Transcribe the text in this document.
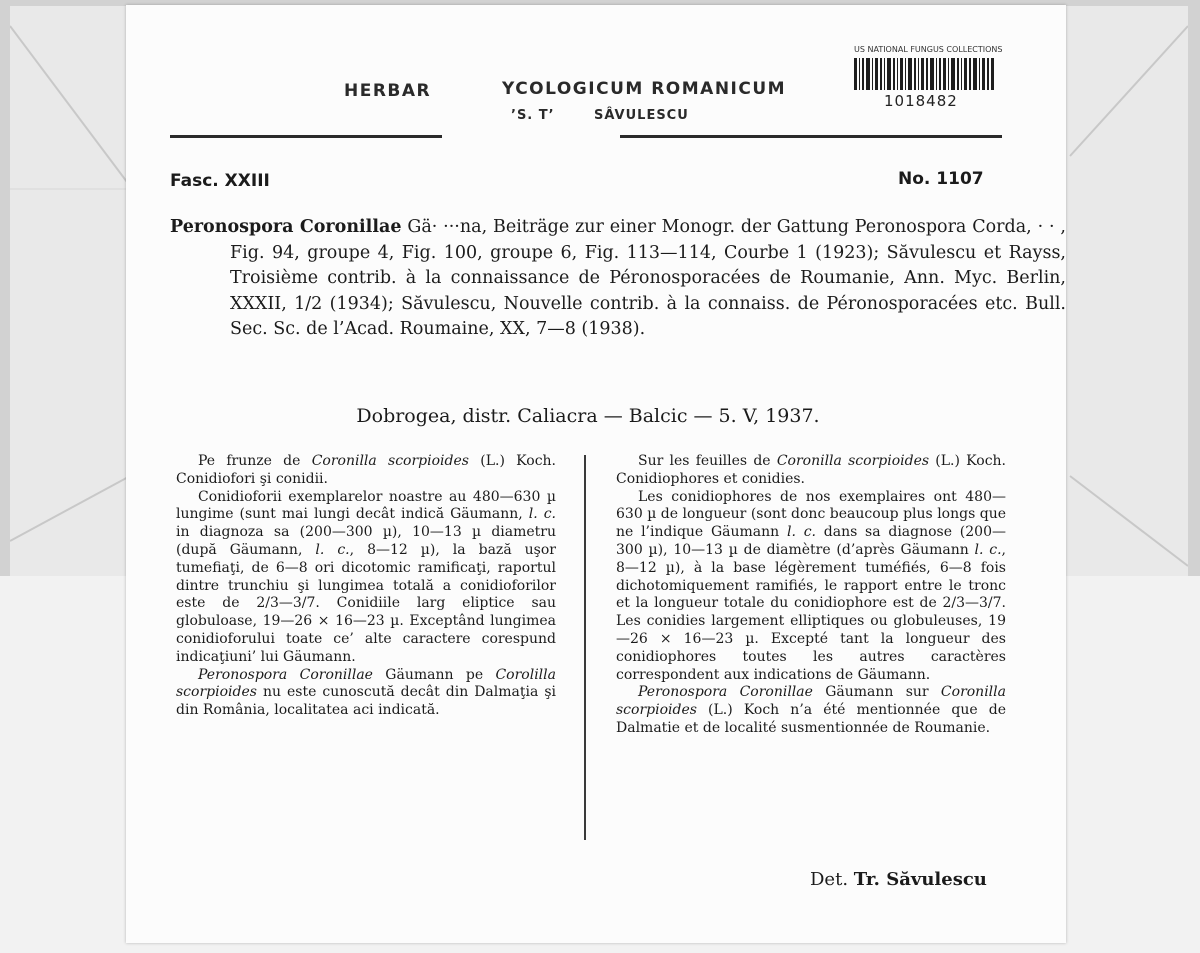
HERBAR	YCOLOGICUM ROMANICUM
’S. T’	SÂVULESCU
US NATIONAL FUNGUS COLLECTIONS
1018482
Fasc. XXIII	No. 1107
Peronospora Coronillae Gä· ···na, Beiträge zur einer Monogr. der Gattung Peronospora Corda, · · , Fig. 94, groupe 4, Fig. 100, groupe 6, Fig. 113—114, Courbe 1 (1923); Săvulescu et Rayss, Troisième contrib. à la connaissance de Péronosporacées de Roumanie, Ann. Myc. Berlin, XXXII, 1/2 (1934); Săvulescu, Nouvelle contrib. à la connaiss. de Péronosporacées etc. Bull. Sec. Sc. de l’Acad. Roumaine, XX, 7—8 (1938).
Dobrogea, distr. Caliacra — Balcic — 5. V, 1937.

Pe frunze de Coronilla scorpioides (L.) Koch. Conidiofori şi conidii.

Conidioforii exemplarelor noastre au 480—630 µ lungime (sunt mai lungi decât indică Gäumann, l. c. in diagnoza sa (200—300 µ), 10—13 µ diametru (după Gäumann, l. c., 8—12 µ), la bază uşor tumefiaţi, de 6—8 ori dicotomic ramificaţi, raportul dintre trunchiu şi lungimea totală a conidioforilor este de 2/3—3/7. Conidiile larg eliptice sau globuloase, 19—26 × 16—23 µ. Exceptând lungimea conidioforului toate ce’ alte caractere corespund indicaţiuni’ lui Gäumann.

Peronospora Coronillae Gäumann pe Corolilla scorpioides nu este cunoscută decât din Dalmaţia şi din România, localitatea aci indicată.

Sur les feuilles de Coronilla scorpioides (L.) Koch. Conidiophores et conidies.

Les conidiophores de nos exemplaires ont 480—630 µ de longueur (sont donc beaucoup plus longs que ne l’indique Gäumann l. c. dans sa diagnose (200—300 µ), 10—13 µ de diamètre (d’après Gäumann l. c., 8—12 µ), à la base légèrement tuméfiés, 6—8 fois dichotomiquement ramifiés, le rapport entre le tronc et la longueur totale du conidiophore est de 2/3—3/7. Les conidies largement elliptiques ou globuleuses, 19—26 × 16—23 µ. Excepté tant la longueur des conidiophores toutes les autres caractères correspondent aux indications de Gäumann.

Peronospora Coronillae Gäumann sur Coronilla scorpioides (L.) Koch n’a été mentionnée que de Dalmatie et de localité susmentionnée de Roumanie.

Det. Tr. Săvulescu
